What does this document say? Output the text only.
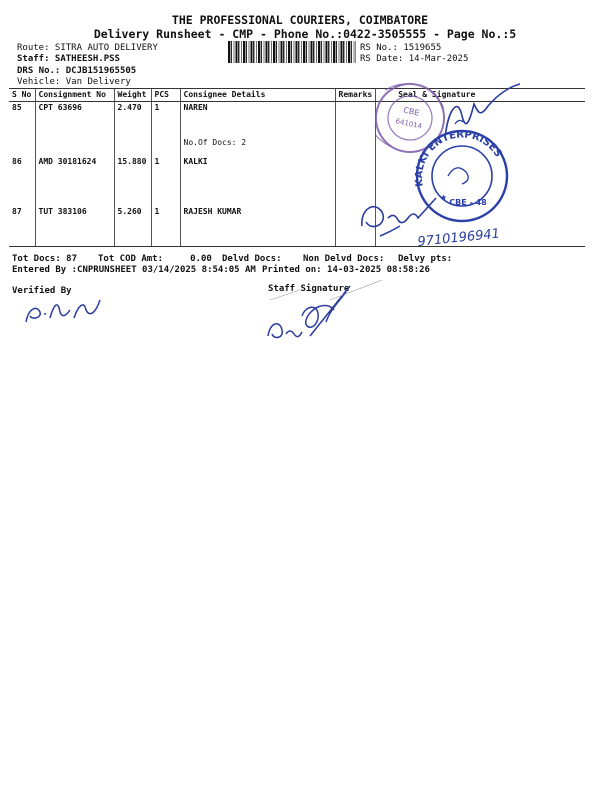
THE PROFESSIONAL COURIERS, COIMBATORE
Delivery Runsheet - CMP - Phone No.:0422-3505555 - Page No.:5
Route: SITRA AUTO DELIVERY
Staff: SATHEESH.PSS
DRS No.: DCJB151965505
Vehicle: Van Delivery
RS No.: 1519655
RS Date: 14-Mar-2025
S No	Consignment No	Weight	PCS	Consignee Details	Remarks	Seal & Signature
85	CPT 63696	2.470	1	NAREN
No.Of Docs: 2		

86	AMD 30181624	15.880	1	KALKI		
87	TUT 383106	5.260	1	RAJESH KUMAR		
Tot Docs: 87 Tot COD Amt:     0.00 Delvd Docs: Non Delvd Docs: Delvy pts:
Entered By :CNPRUNSHEET 03/14/2025 8:54:05 AM Printed on: 14-03-2025 08:58:26
Verified By	Staff Signature
CBE
641014
KALKI ENTERPRISES
CBE - 48
★
9710196941
